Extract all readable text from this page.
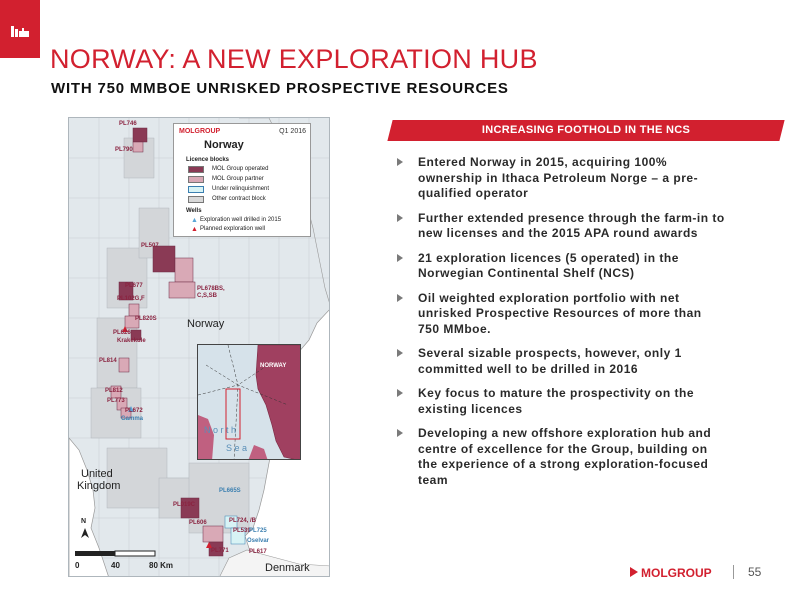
NORWAY: A NEW EXPLORATION HUB
WITH 750 MMBOE UNRISKED PROSPECTIVE RESOURCES
PL746
PL790
PL507
PL677
PL102G,F
PL820S
PL626
Krakekule
PL678BS,
C,S,SB
PL814
PL812
PL773
PL672
Gamma
PL019C
PL606
PL665S
PL724, /B
PL539
PL725
PL771	PL617
Oselvar
Norway
United
Kingdom
Denmark
N
MOLGROUP	Q1 2016
Norway
Licence blocks
MOL Group operated
MOL Group partner
Under relinquishment
Other contract block
Wells
▲ Exploration well drilled in 2015
▲ Planned exploration well
NORWAY
N o r t h
S e a
0	40	80 Km
INCREASING FOOTHOLD IN THE NCS
Entered Norway in 2015, acquiring 100% ownership in Ithaca Petroleum Norge – a pre-qualified operator
Further extended presence through the farm-in to new licenses and the 2015 APA round awards
21 exploration licences (5 operated) in the Norwegian Continental Shelf (NCS)
Oil weighted exploration portfolio with net unrisked Prospective Resources of more than 750 MMboe.
Several sizable prospects, however, only 1 committed well to be drilled in 2016
Key focus to mature the prospectivity on the existing licences
Developing a new offshore exploration hub and centre of excellence for the Group, building on the experience of a strong exploration-focused team
MOLGROUP	55
